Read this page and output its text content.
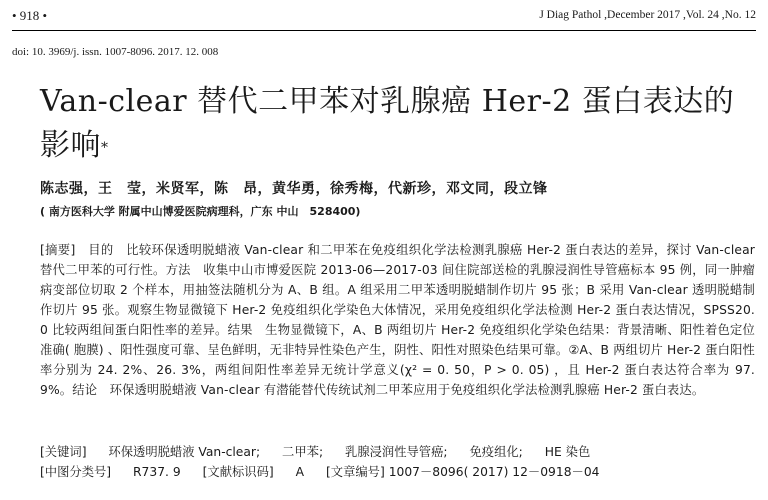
• 918 •	J Diag Pathol ,December 2017 ,Vol. 24 ,No. 12
doi: 10. 3969/j. issn. 1007-8096. 2017. 12. 008
Van-clear 替代二甲苯对乳腺癌 Her-2 蛋白表达的
影响*
陈志强，王　莹，米贤军，陈　昂，黄华勇，徐秀梅，代新珍，邓文同，段立锋
( 南方医科大学 附属中山博爱医院病理科，广东 中山　528400)
[摘要]　目的　比较环保透明脱蜡液 Van-clear 和二甲苯在免疫组织化学法检测乳腺癌 Her-2 蛋白表达的差异，探讨 Van-clear 替代二甲苯的可行性。方法　收集中山市博爱医院 2013-06—2017-03 间住院部送检的乳腺浸润性导管癌标本 95 例，同一肿瘤病变部位切取 2 个样本，用抽签法随机分为 A、B 组。A 组采用二甲苯透明脱蜡制作切片 95 张；B 采用 Van-clear 透明脱蜡制作切片 95 张。观察生物显微镜下 Her-2 免疫组织化学染色大体情况，采用免疫组织化学法检测 Her-2 蛋白表达情况，SPSS20. 0 比较两组间蛋白阳性率的差异。结果　生物显微镜下，A、B 两组切片 Her-2 免疫组织化学染色结果：背景清晰、阳性着色定位准确( 胞膜) 、阳性强度可靠、呈色鲜明，无非特异性染色产生，阴性、阳性对照染色结果可靠。②A、B 两组切片 Her-2 蛋白阳性率分别为 24. 2%、26. 3%，两组间阳性率差异无统计学意义(χ² = 0. 50，P > 0. 05) ，且 Her-2 蛋白表达符合率为 97. 9%。结论　环保透明脱蜡液 Van-clear 有潜能替代传统试剂二甲苯应用于免疫组织化学法检测乳腺癌 Her-2 蛋白表达。
[关键词] 环保透明脱蜡液 Van-clear; 二甲苯; 乳腺浸润性导管癌; 免疫组化; HE 染色
[中图分类号] R737. 9 [文献标识码] A [文章编号] 1007－8096( 2017) 12－0918－04
